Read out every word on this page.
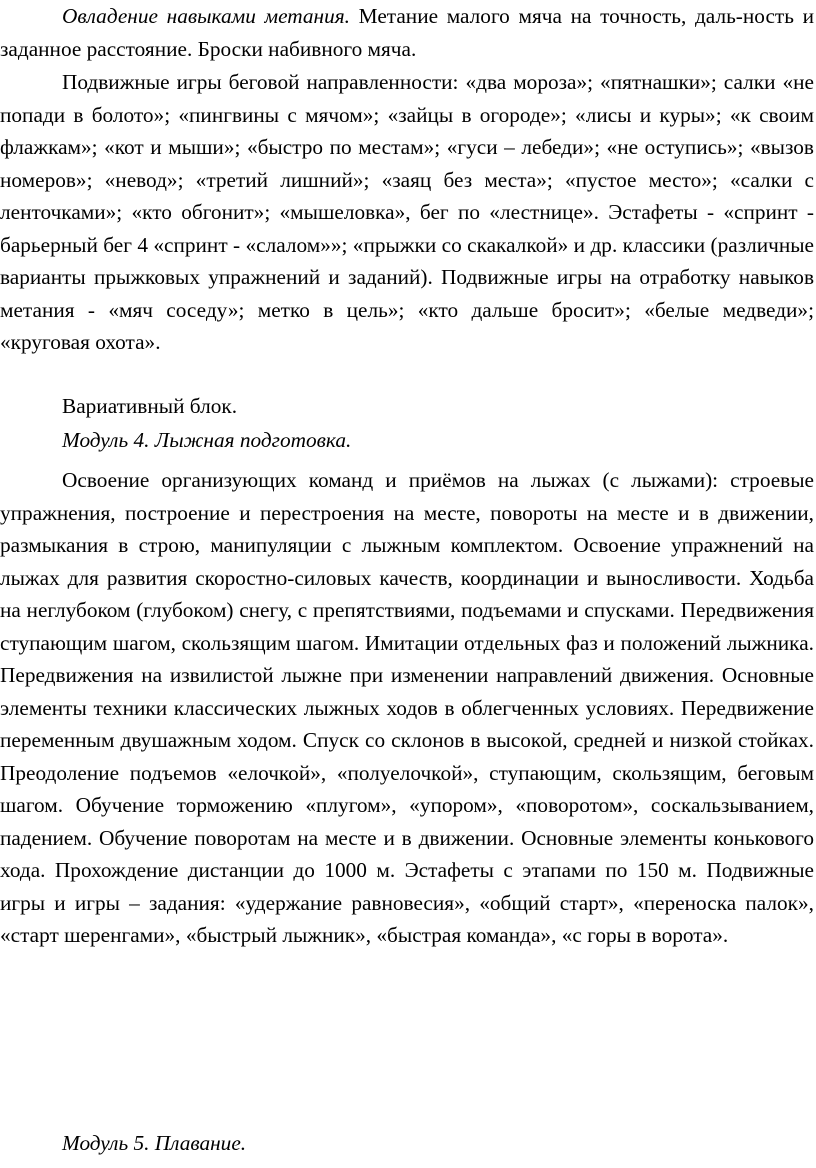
Овладение навыками метания. Метание малого мяча на точность, даль-ность и заданное расстояние. Броски набивного мяча.

Подвижные игры беговой направленности: «два мороза»; «пятнашки»; салки «не попади в болото»; «пингвины с мячом»; «зайцы в огороде»; «лисы и куры»; «к своим флажкам»; «кот и мыши»; «быстро по местам»; «гуси – лебеди»; «не оступись»; «вызов номеров»; «невод»; «третий лишний»; «заяц без места»; «пустое место»; «салки с ленточками»; «кто обгонит»; «мышеловка», бег по «лестнице». Эстафеты - «спринт - барьерный бег 4 «спринт - «слалом»»; «прыжки со скакалкой» и др. классики (различные варианты прыжковых упражнений и заданий). Подвижные игры на отработку навыков метания - «мяч соседу»; метко в цель»; «кто дальше бросит»; «белые медведи»; «круговая охота».

Вариативный блок.

Модуль 4. Лыжная подготовка.

Освоение организующих команд и приёмов на лыжах (с лыжами): строевые упражнения, построение и перестроения на месте, повороты на месте и в движении, размыкания в строю, манипуляции с лыжным комплектом. Освоение упражнений на лыжах для развития скоростно-силовых качеств, координации и выносливости. Ходьба на неглубоком (глубоком) снегу, с препятствиями, подъемами и спусками. Передвижения ступающим шагом, скользящим шагом. Имитации отдельных фаз и положений лыжника. Передвижения на извилистой лыжне при изменении направлений движения. Основные элементы техники классических лыжных ходов в облегченных условиях. Передвижение переменным двушажным ходом. Спуск со склонов в высокой, средней и низкой стойках. Преодоление подъемов «елочкой», «полуелочкой», ступающим, скользящим, беговым шагом. Обучение торможению «плугом», «упором», «поворотом», соскальзыванием, падением. Обучение поворотам на месте и в движении. Основные элементы конькового хода. Прохождение дистанции до 1000 м. Эстафеты с этапами по 150 м. Подвижные игры и игры – задания: «удержание равновесия», «общий старт», «переноска палок», «старт шеренгами», «быстрый лыжник», «быстрая команда», «с горы в ворота».

Модуль 5. Плавание.
